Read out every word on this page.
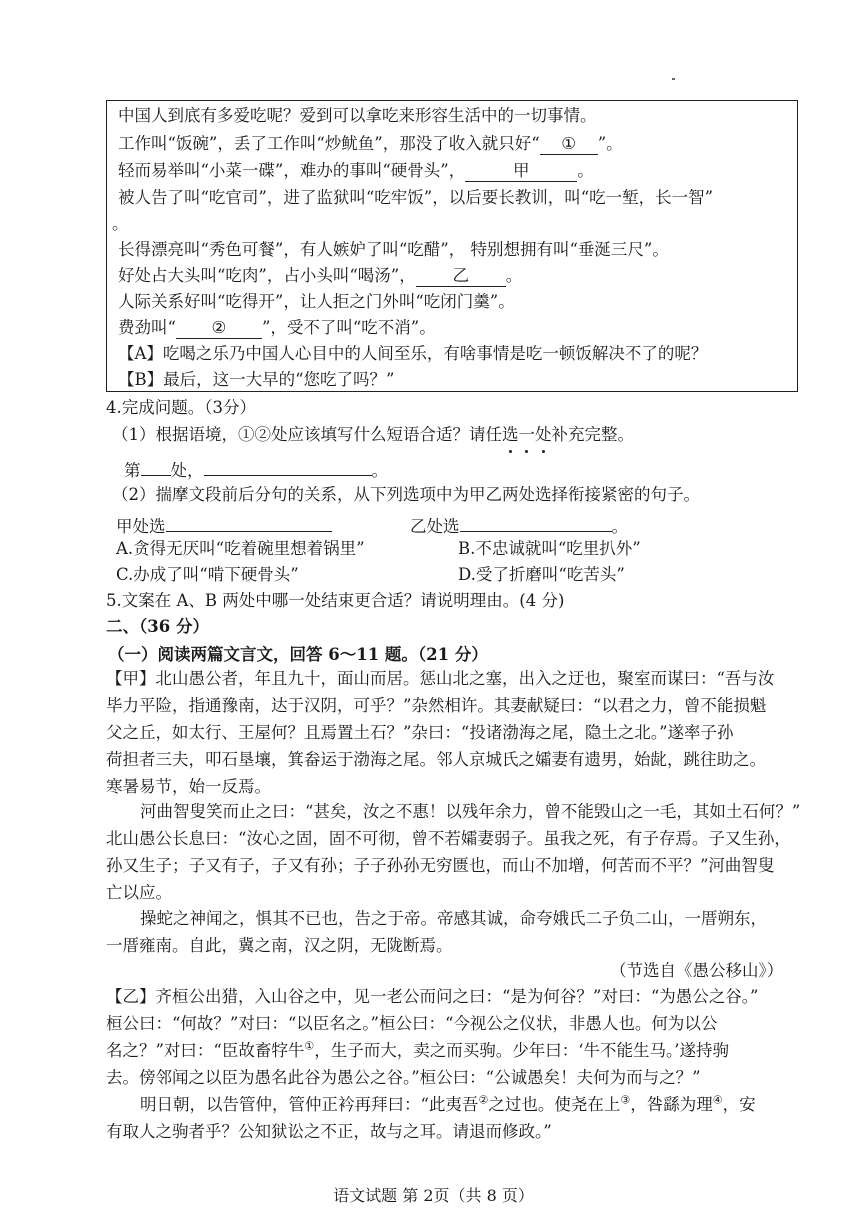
中国人到底有多爱吃呢？爱到可以拿吃来形容生活中的一切事情。
工作叫“饭碗”，丢了工作叫“炒鱿鱼”，那没了收入就只好“ ① ”。
轻而易举叫“小菜一碟”，难办的事叫“硬骨头”，	甲	。
被人告了叫“吃官司”，进了监狱叫“吃牢饭”，以后要长教训，叫“吃一堑，长一智”
。
长得漂亮叫“秀色可餐”，有人嫉妒了叫“吃醋”， 特别想拥有叫“垂涎三尺”。
好处占大头叫“吃肉”，占小头叫“喝汤”， 乙 。
人际关系好叫“吃得开”，让人拒之门外叫“吃闭门羹”。
费劲叫“ ② ”，受不了叫“吃不消”。
【A】吃喝之乐乃中国人心目中的人间至乐，有啥事情是吃一顿饭解决不了的呢？
【B】最后，这一大早的“您吃了吗？”
4.完成问题。（3分）
（1）根据语境，①②处应该填写什么短语合适？请任选一处补充完整。
第 处，	。
（2）揣摩文段前后分句的关系，从下列选项中为甲乙两处选择衔接紧密的句子。
甲处选	乙处选	。
A.贪得无厌叫“吃着碗里想着锅里”	B.不忠诚就叫“吃里扒外”
C.办成了叫“啃下硬骨头”	D.受了折磨叫“吃苦头”
5.文案在 A、B 两处中哪一处结束更合适？请说明理由。(4 分)
二、（36 分）
（一）阅读两篇文言文，回答 6～11 题。（21 分）
【甲】北山愚公者，年且九十，面山而居。惩山北之塞，出入之迂也，聚室而谋曰：“吾与汝
毕力平险，指通豫南，达于汉阴，可乎？”杂然相许。其妻献疑曰：“以君之力，曾不能损魁
父之丘，如太行、王屋何？且焉置土石？”杂曰：“投诸渤海之尾，隐土之北。”遂率子孙
荷担者三夫，叩石垦壤，箕畚运于渤海之尾。邻人京城氏之孀妻有遗男，始龀，跳往助之。
寒暑易节，始一反焉。
河曲智叟笑而止之曰：“甚矣，汝之不惠！以残年余力，曾不能毁山之一毛，其如土石何？”
北山愚公长息曰：“汝心之固，固不可彻，曾不若孀妻弱子。虽我之死，有子存焉。子又生孙，
孙又生子；子又有子，子又有孙；子子孙孙无穷匮也，而山不加增，何苦而不平？”河曲智叟
亡以应。
操蛇之神闻之，惧其不已也，告之于帝。帝感其诚，命夸娥氏二子负二山，一厝朔东，
一厝雍南。自此，冀之南，汉之阴，无陇断焉。
（节选自《愚公移山》）
【乙】齐桓公出猎，入山谷之中，见一老公而问之曰：“是为何谷？”对曰：“为愚公之谷。”
桓公曰：“何故？”对曰：“以臣名之。”桓公曰：“今视公之仪状，非愚人也。何为以公
名之？”对曰：“臣故畜牸牛①，生子而大，卖之而买驹。少年曰：‘牛不能生马。’遂持驹
去。傍邻闻之以臣为愚名此谷为愚公之谷。”桓公曰：“公诚愚矣！夫何为而与之？”
明日朝，以告管仲，管仲正衿再拜曰：“此夷吾②之过也。使尧在上③，咎繇为理④，安
有取人之驹者乎？公知狱讼之不正，故与之耳。请退而修政。”
语文试题 第 2页（共 8 页）
